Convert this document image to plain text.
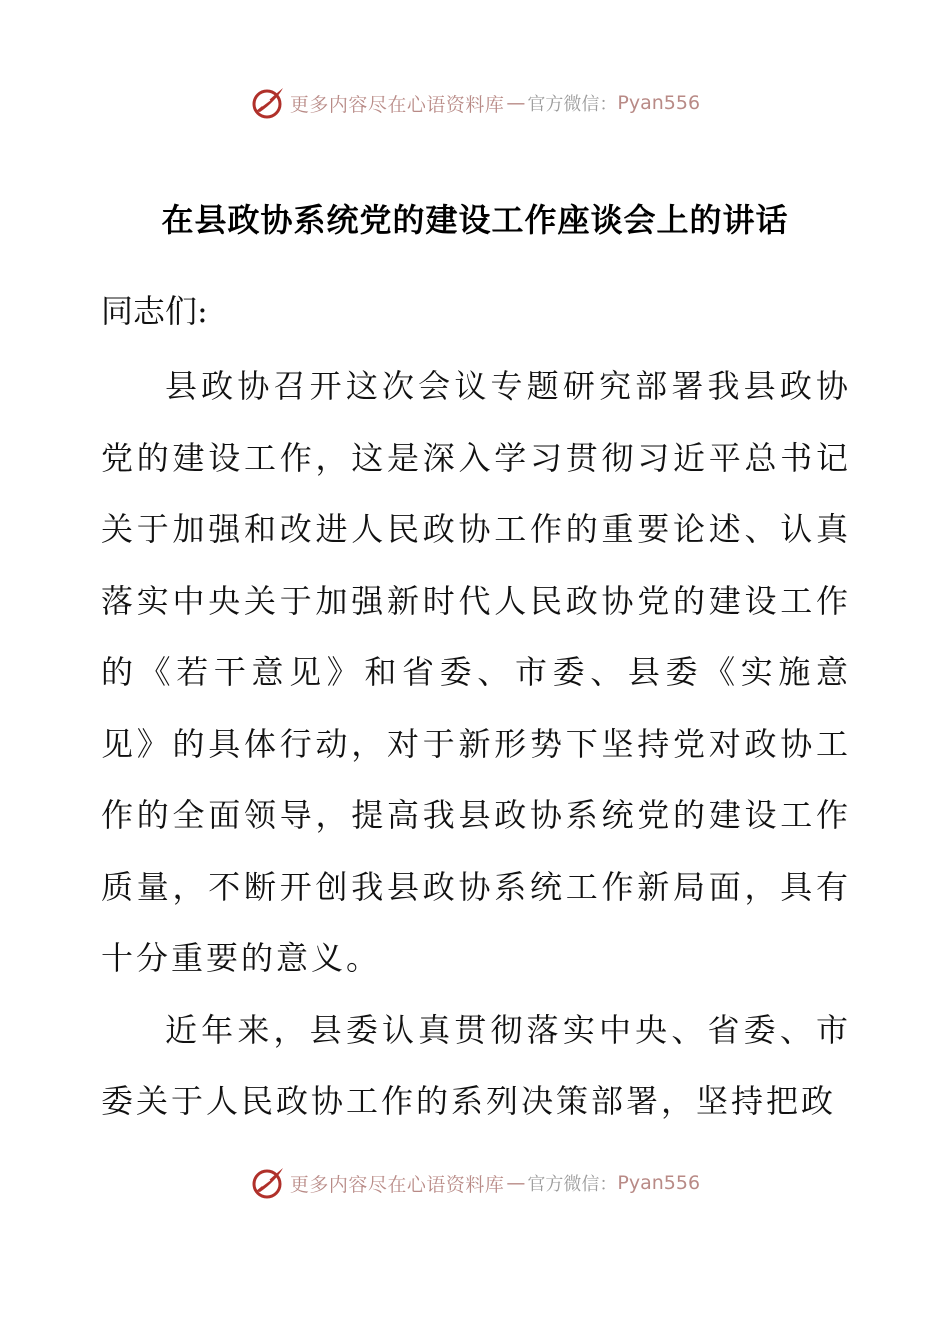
更多内容尽在心语资料库 — 官方微信： Pyan556
在县政协系统党的建设工作座谈会上的讲话
同志们:

县政协召开这次会议专题研究部署我县政协党的建设工作，这是深入学习贯彻习近平总书记关于加强和改进人民政协工作的重要论述、认真落实中央关于加强新时代人民政协党的建设工作的《若干意见》和省委、市委、县委《实施意见》的具体行动，对于新形势下坚持党对政协工作的全面领导，提高我县政协系统党的建设工作质量，不断开创我县政协系统工作新局面，具有十分重要的意义。

近年来，县委认真贯彻落实中央、省委、市委关于人民政协工作的系列决策部署，坚持把政

更多内容尽在心语资料库 — 官方微信： Pyan556
